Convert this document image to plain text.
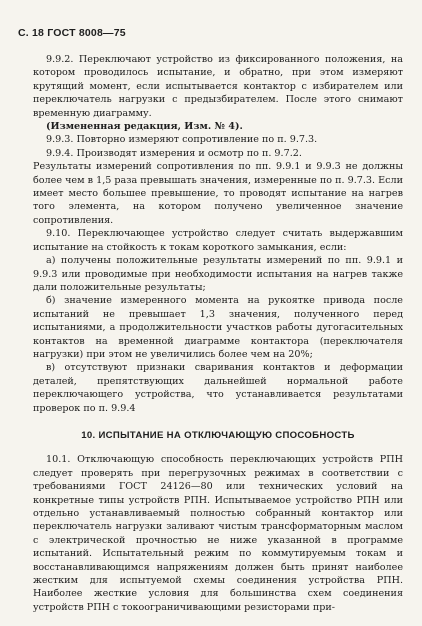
С. 18 ГОСТ 8008—75

9.9.2. Переключают устройство из фиксированного положения, на котором проводилось испытание, и обратно, при этом измеряют крутящий момент, если испытывается контактор с избирателем или переключатель нагрузки с предызбирателем. После этого снимают временную диаграмму.

(Измененная редакция, Изм. № 4).

9.9.3. Повторно измеряют сопротивление по п. 9.7.3.

9.9.4. Производят измерения и осмотр по п. 9.7.2.

Результаты измерений сопротивления по пп. 9.9.1 и 9.9.3 не должны более чем в 1,5 раза превышать значения, измеренные по п. 9.7.3. Если имеет место большее превышение, то проводят испытание на нагрев того элемента, на котором получено увеличенное значение сопротивления.

9.10. Переключающее устройство следует считать выдержавшим испытание на стойкость к токам короткого замыкания, если:

а) получены положительные результаты измерений по пп. 9.9.1 и 9.9.3 или проводимые при необходимости испытания на нагрев также дали положительные результаты;

б) значение измеренного момента на рукоятке привода после испытаний не превышает 1,3 значения, полученного перед испытаниями, а продолжительности участков работы дугогасительных контактов на временной диаграмме контактора (переключателя нагрузки) при этом не увеличились более чем на 20%;

в) отсутствуют признаки сваривания контактов и деформации деталей, препятствующих дальнейшей нормальной работе переключающего устройства, что устанавливается результатами проверок по п. 9.9.4

10. ИСПЫТАНИЕ НА ОТКЛЮЧАЮЩУЮ СПОСОБНОСТЬ

10.1. Отключающую способность переключающих устройств РПН следует проверять при перегрузочных режимах в соответствии с требованиями ГОСТ 24126—80 или технических условий на конкретные типы устройств РПН. Испытываемое устройство РПН или отдельно устанавливаемый полностью собранный контактор или переключатель нагрузки заливают чистым трансформаторным маслом с электрической прочностью не ниже указанной в программе испытаний. Испытательный режим по коммутируемым токам и восстанавливающимся напряжениям должен быть принят наиболее жестким для испытуемой схемы соединения устройства РПН. Наиболее жесткие условия для большинства схем соединения устройств РПН с токоограничивающими резисторами при-
